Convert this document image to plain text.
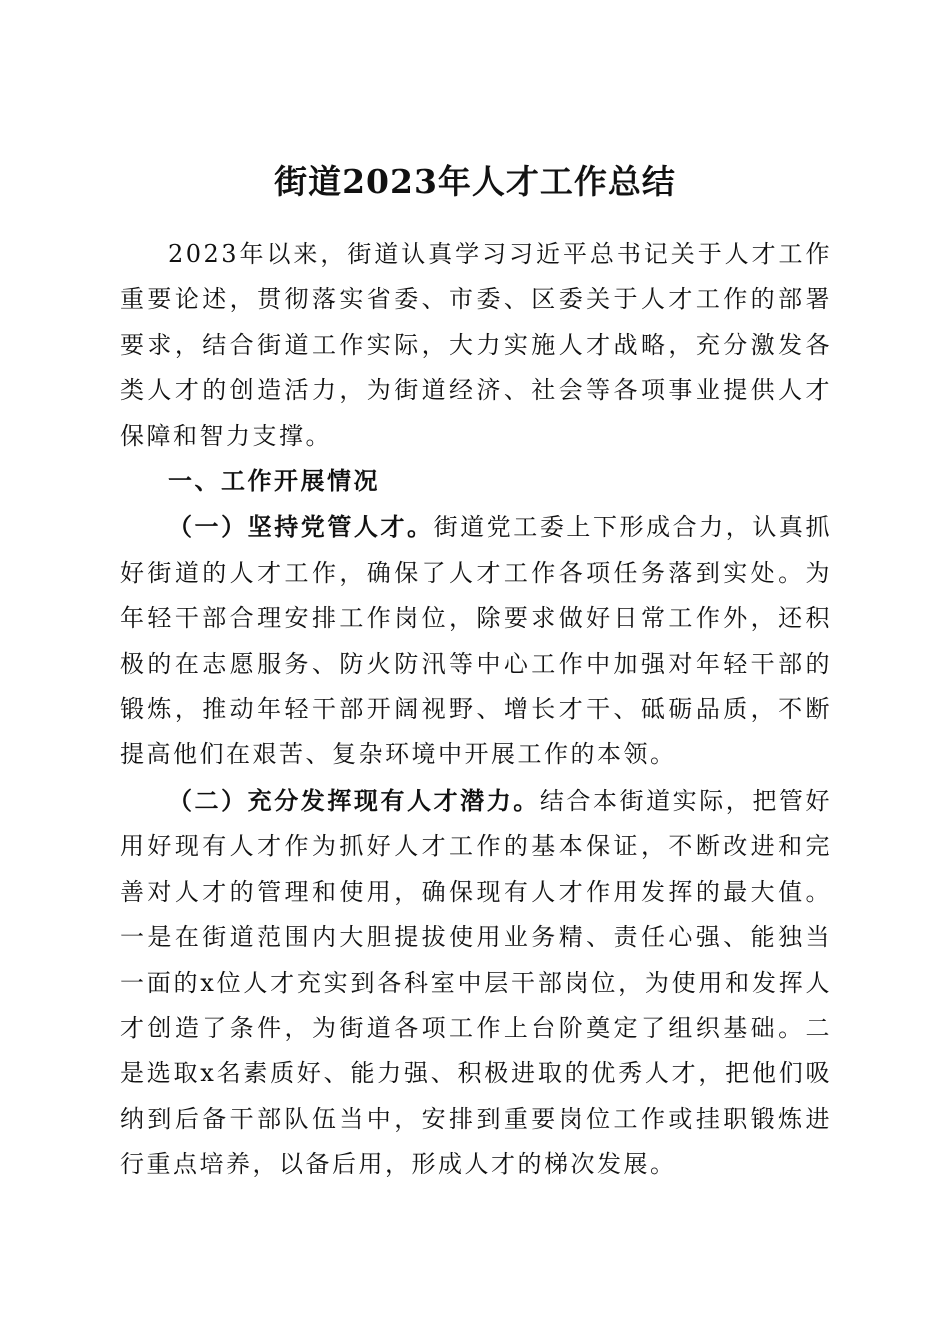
街道2023年人才工作总结

2023年以来，街道认真学习习近平总书记关于人才工作重要论述，贯彻落实省委、市委、区委关于人才工作的部署要求，结合街道工作实际，大力实施人才战略，充分激发各类人才的创造活力，为街道经济、社会等各项事业提供人才保障和智力支撑。

一、工作开展情况

（一）坚持党管人才。街道党工委上下形成合力，认真抓好街道的人才工作，确保了人才工作各项任务落到实处。为年轻干部合理安排工作岗位，除要求做好日常工作外，还积极的在志愿服务、防火防汛等中心工作中加强对年轻干部的锻炼，推动年轻干部开阔视野、增长才干、砥砺品质，不断提高他们在艰苦、复杂环境中开展工作的本领。

（二）充分发挥现有人才潜力。结合本街道实际，把管好用好现有人才作为抓好人才工作的基本保证，不断改进和完善对人才的管理和使用，确保现有人才作用发挥的最大值。一是在街道范围内大胆提拔使用业务精、责任心强、能独当一面的x位人才充实到各科室中层干部岗位，为使用和发挥人才创造了条件，为街道各项工作上台阶奠定了组织基础。二是选取x名素质好、能力强、积极进取的优秀人才，把他们吸纳到后备干部队伍当中，安排到重要岗位工作或挂职锻炼进行重点培养，以备后用，形成人才的梯次发展。
